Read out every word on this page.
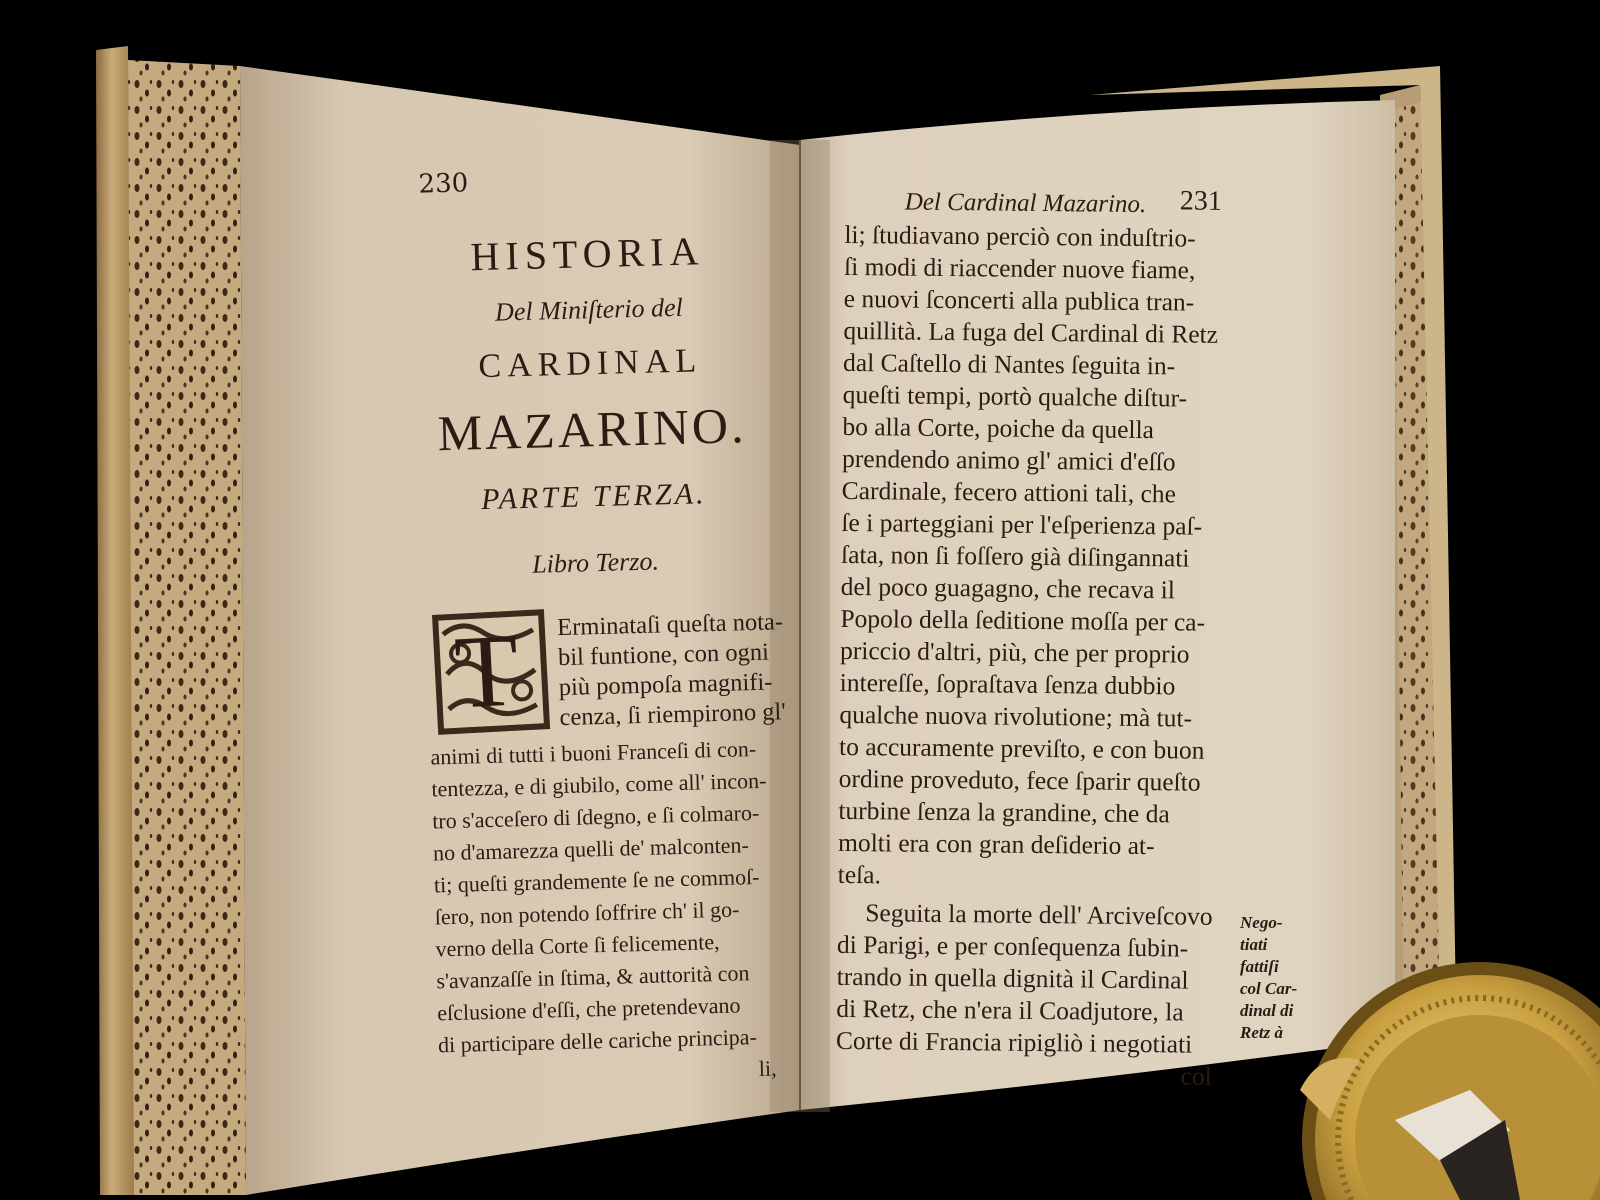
230
HISTORIA
Del Miniſterio del
CARDINAL
MAZARINO.
PARTE TERZA.
Libro Terzo.
Erminataſi queſta nota-
bil funtione, con ogni
più pompoſa magnifi-
cenza, ſi riempirono gl'
animi di tutti i buoni Franceſi di con-
tentezza, e di giubilo, come all' incon-
tro s'acceſero di ſdegno, e ſi colmaro-
no d'amarezza quelli de' malconten-
ti; queſti grandemente ſe ne commoſ-
ſero, non potendo ſoffrire ch' il go-
verno della Corte ſi felicemente,
s'avanzaſſe in ſtima, & auttorità con
eſclusione d'eſſi, che pretendevano
di participare delle cariche principa-
li,
T
Del Cardinal Mazarino. 231
li; ſtudiavano perciò con induſtrio-
ſi modi di riaccender nuove fiame,
e nuovi ſconcerti alla publica tran-
quillità. La fuga del Cardinal di Retz
dal Caſtello di Nantes ſeguita in-
queſti tempi, portò qualche diſtur-
bo alla Corte, poiche da quella
prendendo animo gl' amici d'eſſo
Cardinale, fecero attioni tali, che
ſe i parteggiani per l'eſperienza paſ-
ſata, non ſi foſſero già diſingannati
del poco guagagno, che recava il
Popolo della ſeditione moſſa per ca-
priccio d'altri, più, che per proprio
intereſſe, ſopraſtava ſenza dubbio
qualche nuova rivolutione; mà tut-
to accuramente previſto, e con buon
ordine proveduto, fece ſparir queſto
turbine ſenza la grandine, che da
molti era con gran deſiderio at-
teſa.
Seguita la morte dell' Arciveſcovo
di Parigi, e per conſequenza ſubin-
trando in quella dignità il Cardinal
di Retz, che n'era il Coadjutore, la
Corte di Francia ripigliò i negotiati
col
Nego-
tiati
fattiſi
col Car-
dinal di
Retz à
